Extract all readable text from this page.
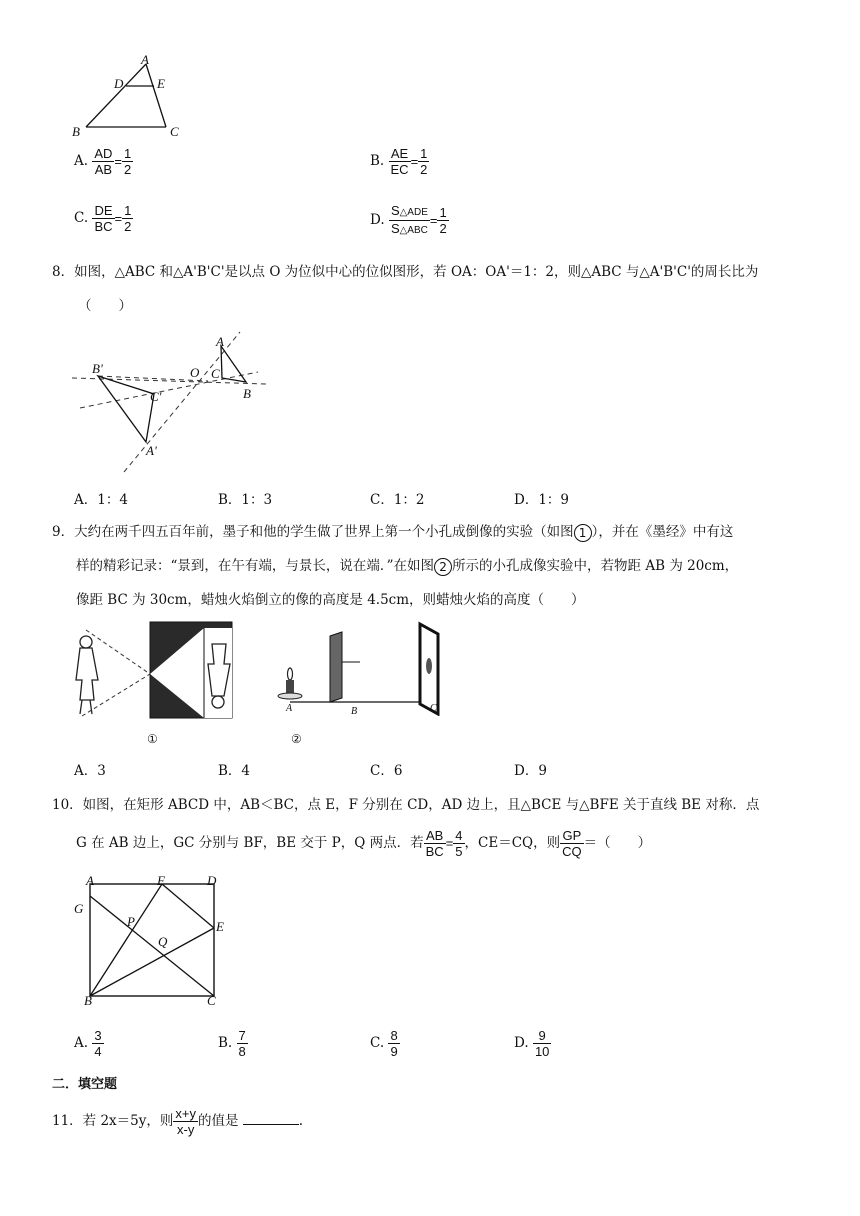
A
D	E
B	C
A. $\frac{AD}{AB} = \frac{1}{2}$	B. $\frac{AE}{EC} = \frac{1}{2}$
C. $\frac{DE}{BC} = \frac{1}{2}$	D. $\frac{\text{S△ADE}}{\text{S△ABC}} = \frac{1}{2}$
8．如图，△ABC 和△A'B'C'是以点 O 为位似中心的位似图形，若 OA：OA'＝1：2，则△ABC 与△A'B'C'的周长比为
（　　）
B'
C'
A'
O
A
C
B
A．1：4	B．1：3	C．1：2	D．1：9
9．大约在两千四五百年前，墨子和他的学生做了世界上第一个小孔成倒像的实验（如图 1 ），并在《墨经》中有这
样的精彩记录：“景到，在午有端，与景长，说在端．”在如图 2 所示的小孔成像实验中，若物距 AB 为 20cm，
像距 BC 为 30cm，蜡烛火焰倒立的像的高度是 4.5cm，则蜡烛火焰的高度（　　）
①
A	B	C
②
A．3	B．4	C．6	D．9
10．如图，在矩形 ABCD 中，AB＜BC，点 E，F 分别在 CD，AD 边上，且△BCE 与△BFE 关于直线 BE 对称．点
G 在 AB 边上，GC 分别与 BF，BE 交于 P，Q 两点．若 $\frac{AB}{BC} = \frac{4}{5}$ ，CE＝CQ，则 $\frac{GP}{CQ}$ ＝（　　）
A	F	D
G
P	E
Q
B	C
A. $\frac{3}{4}$	B. $\frac{7}{8}$	C. $\frac{8}{9}$	D. $\frac{9}{10}$
二．填空题
11．若 2x＝5y，则 $\frac{x+y}{x-y}$ 的值是	.
